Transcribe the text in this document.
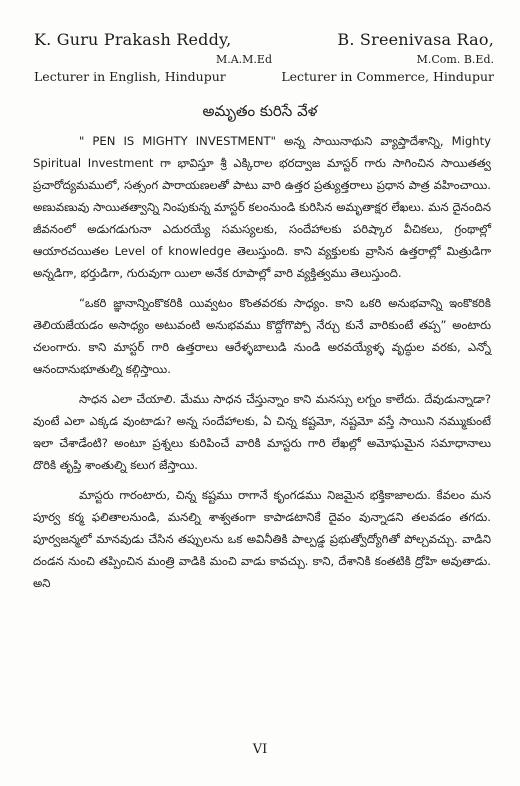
K. Guru Prakash Reddy,
M.A.M.Ed
Lecturer in English, Hindupur
B. Sreenivasa Rao,
M.Com. B.Ed.
Lecturer in Commerce, Hindupur
అమృతం కురిసే వేళ

" PEN IS MIGHTY INVESTMENT" అన్న సాయినాథుని వ్యాప్తాదేశాన్ని, Mighty Spiritual Investment గా భావిస్తూ శ్రీ ఎక్కిరాల భరద్వాజ మాస్టర్ గారు సాగించిన సాయితత్వ ప్రచారోద్యమములో, సత్సంగ పారాయణలతో పాటు వారి ఉత్తర ప్రత్యుత్తరాలు ప్రధాన పాత్ర వహించాయి. అణువణువు సాయితత్వాన్ని నింపుకున్న మాస్టర్ కలంనుండి కురిసిన అమృతాక్షర లేఖలు. మన దైనందిన జీవనంలో అడుగడుగునా ఎదురయ్యే సమస్యలకు, సందేహాలకు పరిష్కార వీచికలు, గ్రంథాల్లో ఆయారచయితల Level of knowledge తెలుస్తుంది. కాని వ్యక్తులకు వ్రాసిన ఉత్తరాల్లో మిత్రుడిగా అన్నడిగా, భర్తుడిగా, గురువుగా యిలా అనేక రూపాల్లో వారి వ్యక్తిత్వము తెలుస్తుంది.

“ఒకరి జ్ఞానాన్నింకొకరికి యివ్వటం కొంతవరకు సాధ్యం. కాని ఒకరి అనుభవాన్ని ఇంకొకరికి తెలియజేయడం అసాధ్యం అటువంటి అనుభవము కొద్దోగొప్పో నేర్చు కునే వారికుంటే తప్ప” అంటారు చలంగారు. కాని మాస్టర్ గారి ఉత్తరాలు ఆరేళ్ళబాలుడి నుండి అరవయ్యేళ్ళ వృద్ధుల వరకు, ఎన్నో ఆనందానుభూతుల్ని కల్గిస్తాయి.

సాధన ఎలా చేయాలి. మేము సాధన చేస్తున్నాం కాని మనస్సు లగ్నం కాలేదు. దేవుడున్నాడా? వుంటే ఎలా ఎక్కడ వుంటాడు? అన్న సందేహాలకు, ఏ చిన్న కష్టమో, నష్టమో వస్తే సాయిని నమ్ముకుంటే ఇలా చేశాడేంటి? అంటూ ప్రశ్నలు కురిపించే వారికి మాస్టరు గారి లేఖల్లో అమోఘమైన సమాధానాలు దొరికి తృప్తి శాంతుల్ని కలుగ జేస్తాయి.

మాస్టరు గారంటారు, చిన్న కష్టము రాగానే కృంగడము నిజమైన భక్తికాజాలదు. కేవలం మన పూర్వ కర్మ ఫలితాలనుండి, మనల్ని శాశ్వతంగా కాపాడటానికే దైవం వున్నాడని తలవడం తగదు. పూర్వజన్మలో మానవుడు చేసిన తప్పులను ఒక అవినీతికి పాల్పడ్డ ప్రభుత్వోద్యోగితో పోల్చవచ్చు. వాడిని దండన నుంచి తప్పించిన మంత్రి వాడికి మంచి వాడు కావచ్చు. కాని, దేశానికి కంతటికి ద్రోహి అవుతాడు. అని

VI
